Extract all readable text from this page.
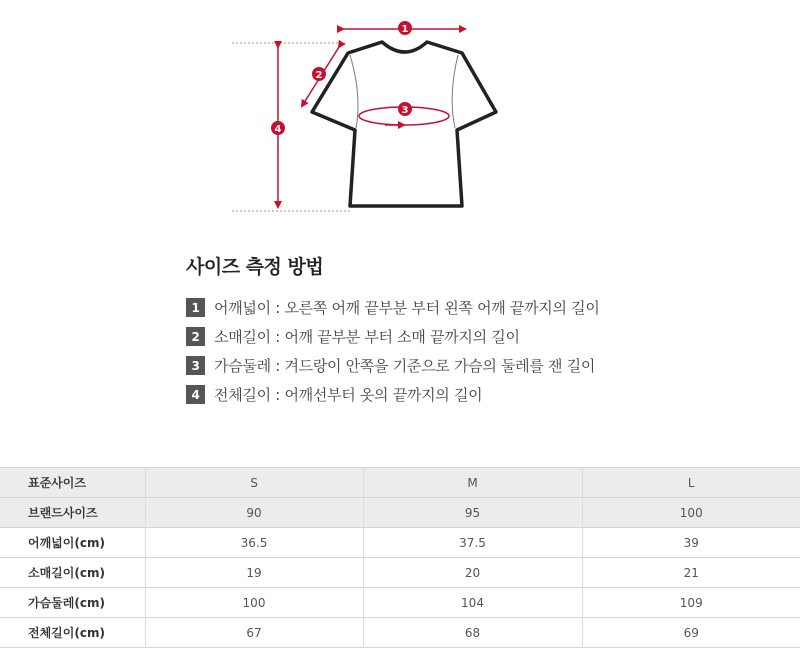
1
2
3
4
사이즈 측정 방법
1 어깨넓이 : 오른쪽 어깨 끝부분 부터 왼쪽 어깨 끝까지의 길이
2 소매길이 : 어깨 끝부분 부터 소매 끝까지의 길이
3 가슴둘레 : 겨드랑이 안쪽을 기준으로 가슴의 둘레를 잰 길이
4 전체길이 : 어깨선부터 옷의 끝까지의 길이
표준사이즈	S	M	L
브랜드사이즈	90	95	100
어깨넓이(cm)	36.5	37.5	39
소매길이(cm)	19	20	21
가슴둘레(cm)	100	104	109
전체길이(cm)	67	68	69
